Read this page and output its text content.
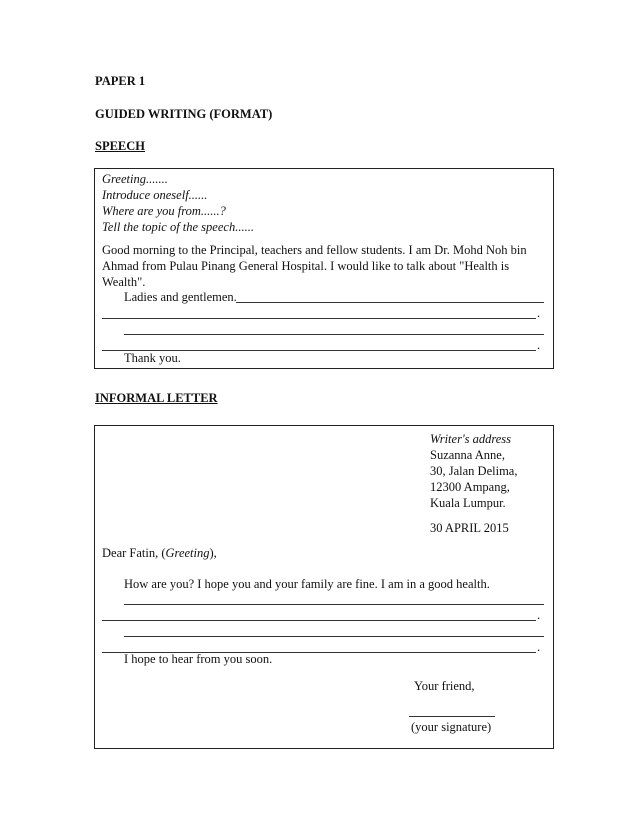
PAPER 1
GUIDED WRITING (FORMAT)
SPEECH
Greeting.......
Introduce oneself......
Where are you from......?
Tell the topic of the speech......
Good morning to the Principal, teachers and fellow students. I am Dr. Mohd Noh bin
Ahmad from Pulau Pinang General Hospital. I would like to talk about "Health is
Wealth".
Ladies and gentlemen.
.
.
Thank you.
INFORMAL LETTER
Writer's address
Suzanna Anne,
30, Jalan Delima,
12300 Ampang,
Kuala Lumpur.
30 APRIL 2015
Dear Fatin, (Greeting),
How are you? I hope you and your family are fine. I am in a good health.
.
.
I hope to hear from you soon.
Your friend,
(your signature)
